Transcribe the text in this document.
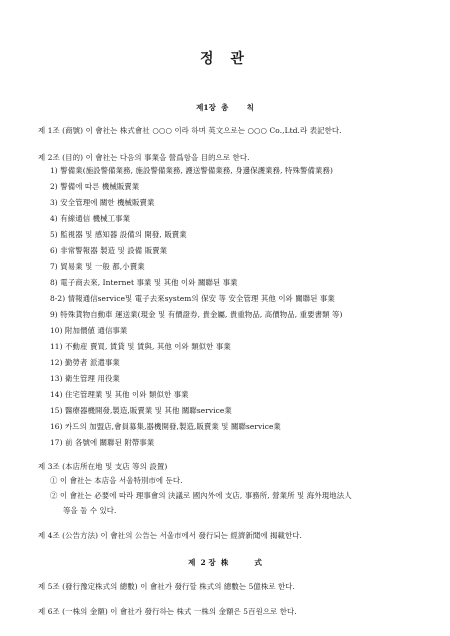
정 관
제1장  총       칙
제 1조 (商號) 이 會社는 株式會社 ○○○ 이라 하며 英文으로는 ○○○ Co.,Ltd.라 表記한다.
제 2조 (目的) 이 會社는 다음의 事業을 營爲함을 目的으로 한다.
1) 警備業(施設警備業務, 施設警備業務, 護送警備業務, 身邊保護業務, 特殊警備業務)
2) 警備에 따른 機械販賣業
3) 安全管理에 關한 機械販賣業
4) 有線通信 機械工事業
5) 監視器 및 感知器 設備의 開發, 販賣業
6) 非常警報器 製造 및 設備 販賣業
7) 貿易業 및 一般 都,小賣業
8) 電子商去來, Internet 事業 및 其他 이와 關聯된 事業
8-2) 情報通信service및 電子去來system의 保安 等 安全管理 其他 이와 關聯된 事業
9) 特殊貨物自動車 運送業(現金 및 有價證券, 貴金屬, 貴重物品, 高價物品, 重要書類 等)
10) 附加價値 通信事業
11) 不動産 賣買, 賃貸 및 賃與, 其他 이와 類似한 事業
12) 勤勞者 派遣事業
13) 衛生管理 用役業
14) 住宅管理業 및 其他 이와 類似한 事業
15) 醫療器機開發,製造,販賣業 및 其他 關聯service業
16) 카드의 加盟店,會員募集,器機開發,製造,販賣業 및 關聯service業
17) 前 各號에 關聯된 附帶事業
제 3조 (本店所在地 및 支店 等의 設置)
① 이 會社는 本店을 서울特別市에 둔다.
② 이 會社는 必要에 따라 理事會의 決議로 國內外에 支店, 事務所, 營業所 및 海外現地法人
等을 둘 수 있다.
제 4조 (公告方法) 이 會社의 公告는 서울市에서 發行되는 經濟新聞에 揭載한다.
제  2 장  株          式
제 5조 (發行豫定株式의 總數) 이 會社가 發行할 株式의 總數는 5億株로 한다.
제 6조 (一株의 金額) 이 會社가 發行하는 株式 一株의 金額은 5百원으로 한다.
